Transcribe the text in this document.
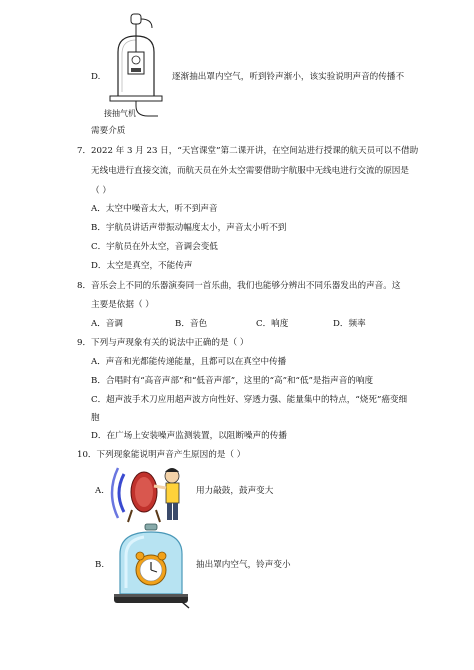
D.
接抽气机
逐渐抽出罩内空气，听到铃声渐小，该实验说明声音的传播不
需要介质
7．2022 年 3 月 23 日，“天宫课堂”第二课开讲，在空间站进行授课的航天员可以不借助
无线电进行直接交流，而航天员在外太空需要借助宇航服中无线电进行交流的原因是
（ ）
A．太空中噪音太大，听不到声音
B．宇航员讲话声带振动幅度太小，声音太小听不到
C．宇航员在外太空，音调会变低
D．太空是真空，不能传声
8．音乐会上不同的乐器演奏同一首乐曲，我们也能够分辨出不同乐器发出的声音。这
主要是依据（ ）
A．音调	B．音色	C．响度	D．频率
9．下列与声现象有关的说法中正确的是（ ）
A．声音和光都能传递能量，且都可以在真空中传播
B．合唱时有“高音声部”和“低音声部”，这里的“高”和“低”是指声音的响度
C．超声波手术刀应用超声波方向性好、穿透力强、能量集中的特点，“烧死”癌变细
胞
D．在广场上安装噪声监测装置，以阻断噪声的传播
10．下列现象能说明声音产生原因的是（ ）
A.	用力敲鼓，鼓声变大
B.	抽出罩内空气，铃声变小
